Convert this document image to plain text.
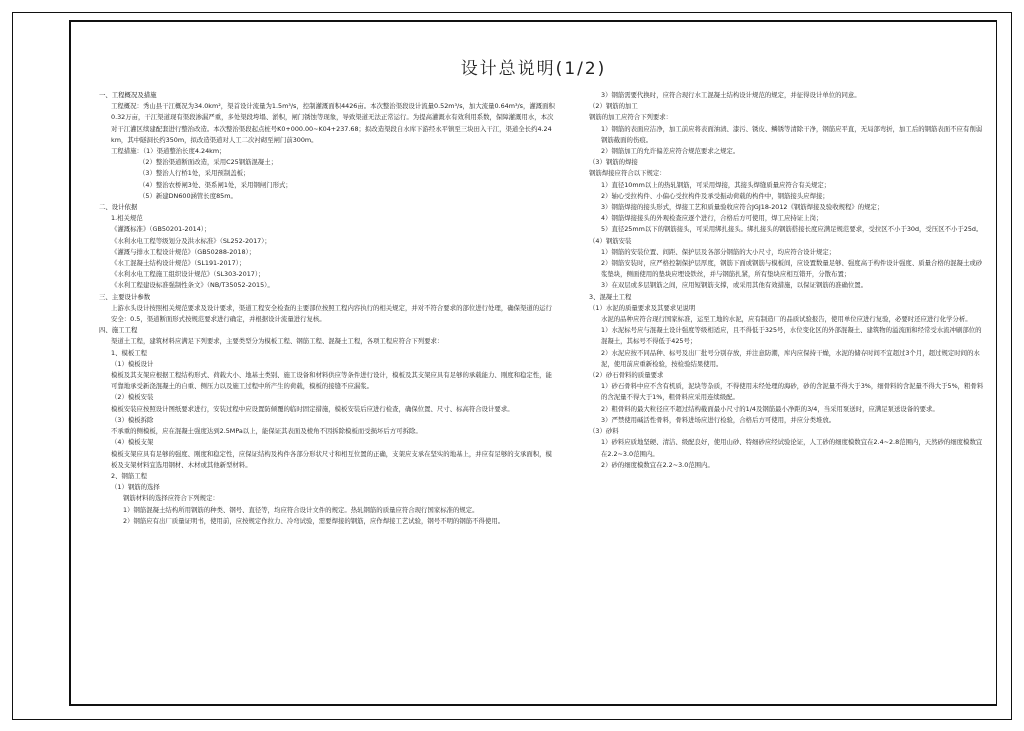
设计总说明(1/2)
一、工程概况及措施
工程概况：秀山县干江概况为34.0km²，渠首设计流量为1.5m³/s，控制灌溉面积4426亩。本次整治渠段设计流量0.52m³/s，加大流量0.64m³/s，灌溉面积0.32万亩，干江渠道现有渠段渗漏严重，多处渠段垮塌、淤积，闸门锈蚀等现象，导致渠道无法正常运行。为提高灌溉水有效利用系数，保障灌溉用水，本次对干江灌区续建配套进行整治改造。本次整治渠段起点桩号K0+000.00~K04+237.68；拟改造渠段自水库下游经永平镇至三块田入干江，渠道全长约4.24km，其中隧洞长约350m，拟改造渠道对人工二次衬砌至闸门前300m。
工程措施：（1）渠道整治长度4.24km；
（2）整治渠道断面改造，采用C25钢筋混凝土；
（3）整治人行桥1处，采用预制盖板；
（4）整治农桥闸3处、渠系闸1处，采用钢闸门形式；
（5）新建DN600涵管长度85m。
二、设计依据
1.相关规范
《灌溉标准》（GB50201-2014）；
《水利水电工程等级划分及洪水标准》（SL252-2017）；
《灌溉与排水工程设计规范》（GB50288-2018）；
《水工混凝土结构设计规范》（SL191-2017）；
《水利水电工程施工组织设计规范》（SL303-2017）；
《水利工程建设标准强制性条文》（NB/T35052-2015）。
三、主要设计参数
上游水头设计按照相关规范要求及设计要求，渠道工程安全检查的主要部位按照工程内容执行的相关规定，并对不符合要求的部位进行处理，确保渠道的运行安全：0.5，渠道断面形式按规范要求进行确定，并根据设计流量进行复核。
四、施工工程
渠道土工程，建筑材料应满足下列要求，主要类型分为模板工程、钢筋工程、混凝土工程，各项工程应符合下列要求：
1、模板工程
（1）模板设计
模板及其支架应根据工程结构形式、荷载大小、地基土类别、施工设备和材料供应等条件进行设计，模板及其支架应具有足够的承载能力、刚度和稳定性，能可靠地承受新浇混凝土的自重、侧压力以及施工过程中所产生的荷载，模板的接缝不应漏浆。
（2）模板安装
模板安装应按照设计图纸要求进行，安装过程中应设置防倾覆的临时固定措施，模板安装后应进行检查，确保位置、尺寸、标高符合设计要求。
（3）模板拆除
不承重的侧模板，应在混凝土强度达到2.5MPa以上，能保证其表面及棱角不因拆除模板而受损坏后方可拆除。
（4）模板支架
模板支架应具有足够的强度、刚度和稳定性，应保证结构及构件各部分形状尺寸和相互位置的正确，支架应支承在坚实的地基上，并应有足够的支承面积，模板及支架材料宜选用钢材、木材或其他新型材料。
2、钢筋工程
（1）钢筋的选择
钢筋材料的选择应符合下列规定：
1）钢筋混凝土结构所用钢筋的种类、钢号、直径等，均应符合设计文件的规定。热轧钢筋的质量应符合现行国家标准的规定。
2）钢筋应有出厂质量证明书，使用前，应按规定作拉力、冷弯试验，需要焊接的钢筋，应作焊接工艺试验，钢号不明的钢筋不得使用。
3）钢筋需要代换时，应符合现行水工混凝土结构设计规范的规定，并征得设计单位的同意。
（2）钢筋的加工
钢筋的加工应符合下列要求：
1）钢筋的表面应洁净，加工前应将表面油渍、漆污、锈皮、鳞锈等清除干净，钢筋应平直，无局部弯折，加工后的钢筋表面不应有削弱钢筋截面的伤痕。
2）钢筋加工的允许偏差应符合规范要求之规定。
（3）钢筋的焊接
钢筋焊接应符合以下规定：
1）直径10mm以上的热轧钢筋，可采用焊接，其接头焊缝质量应符合有关规定；
2）轴心受拉构件、小偏心受拉构件及承受振动荷载的构件中，钢筋接头应焊接；
3）钢筋焊接的接头形式，焊接工艺和质量验收应符合JGJ18-2012《钢筋焊接及验收规程》的规定；
4）钢筋焊接接头的外观检查应逐个进行，合格后方可使用，焊工应持证上岗；
5）直径25mm以下的钢筋接头，可采用绑扎接头。绑扎接头的钢筋搭接长度应满足规范要求，受拉区不小于30d，受压区不小于25d。
（4）钢筋安装
1）钢筋的安装位置、间距、保护层及各部分钢筋的大小尺寸，均应符合设计规定；
2）钢筋安装时，应严格控制保护层厚度，钢筋下面或钢筋与模板间，应设置数量足够、强度高于构件设计强度、质量合格的混凝土或砂浆垫块，侧面使用的垫块应埋设铁丝，并与钢筋扎紧，所有垫块应相互错开，分散布置；
3）在双层或多层钢筋之间，应用短钢筋支撑，或采用其他有效措施，以保证钢筋的准确位置。
3、混凝土工程
（1）水泥的质量要求及其要求见说明
水泥的品种应符合现行国家标准，运至工地的水泥，应有制造厂的品质试验报告，使用单位应进行复验，必要时还应进行化学分析。
1）水泥标号应与混凝土设计强度等级相适应，且不得低于325号，水位变化区的外部混凝土、建筑物的溢流面和经常受水流冲刷部位的混凝土，其标号不得低于425号；
2）水泥应按不同品种、标号及出厂批号分别存放，并注意防潮，库内应保持干燥，水泥的储存时间不宜超过3个月，超过规定时间的水泥，使用前应重新检验，按检验结果使用。
（2）砂石骨料的质量要求
1）砂石骨料中应不含有机质，泥块等杂质，不得使用未经处理的海砂，砂的含泥量不得大于3%，细骨料的含泥量不得大于5%，粗骨料的含泥量不得大于1%，粗骨料应采用连续级配。
2）粗骨料的最大粒径应不超过结构截面最小尺寸的1/4及钢筋最小净距的3/4，当采用泵送时，应满足泵送设备的要求。
3）严禁使用碱活性骨料，骨料进场应进行检验，合格后方可使用，并应分类堆放。
（3）砂料
1）砂料应质地坚硬、清洁、级配良好，使用山砂、特细砂应经试验论证，人工砂的细度模数宜在2.4~2.8范围内，天然砂的细度模数宜在2.2~3.0范围内。
2）砂的细度模数宜在2.2~3.0范围内。
